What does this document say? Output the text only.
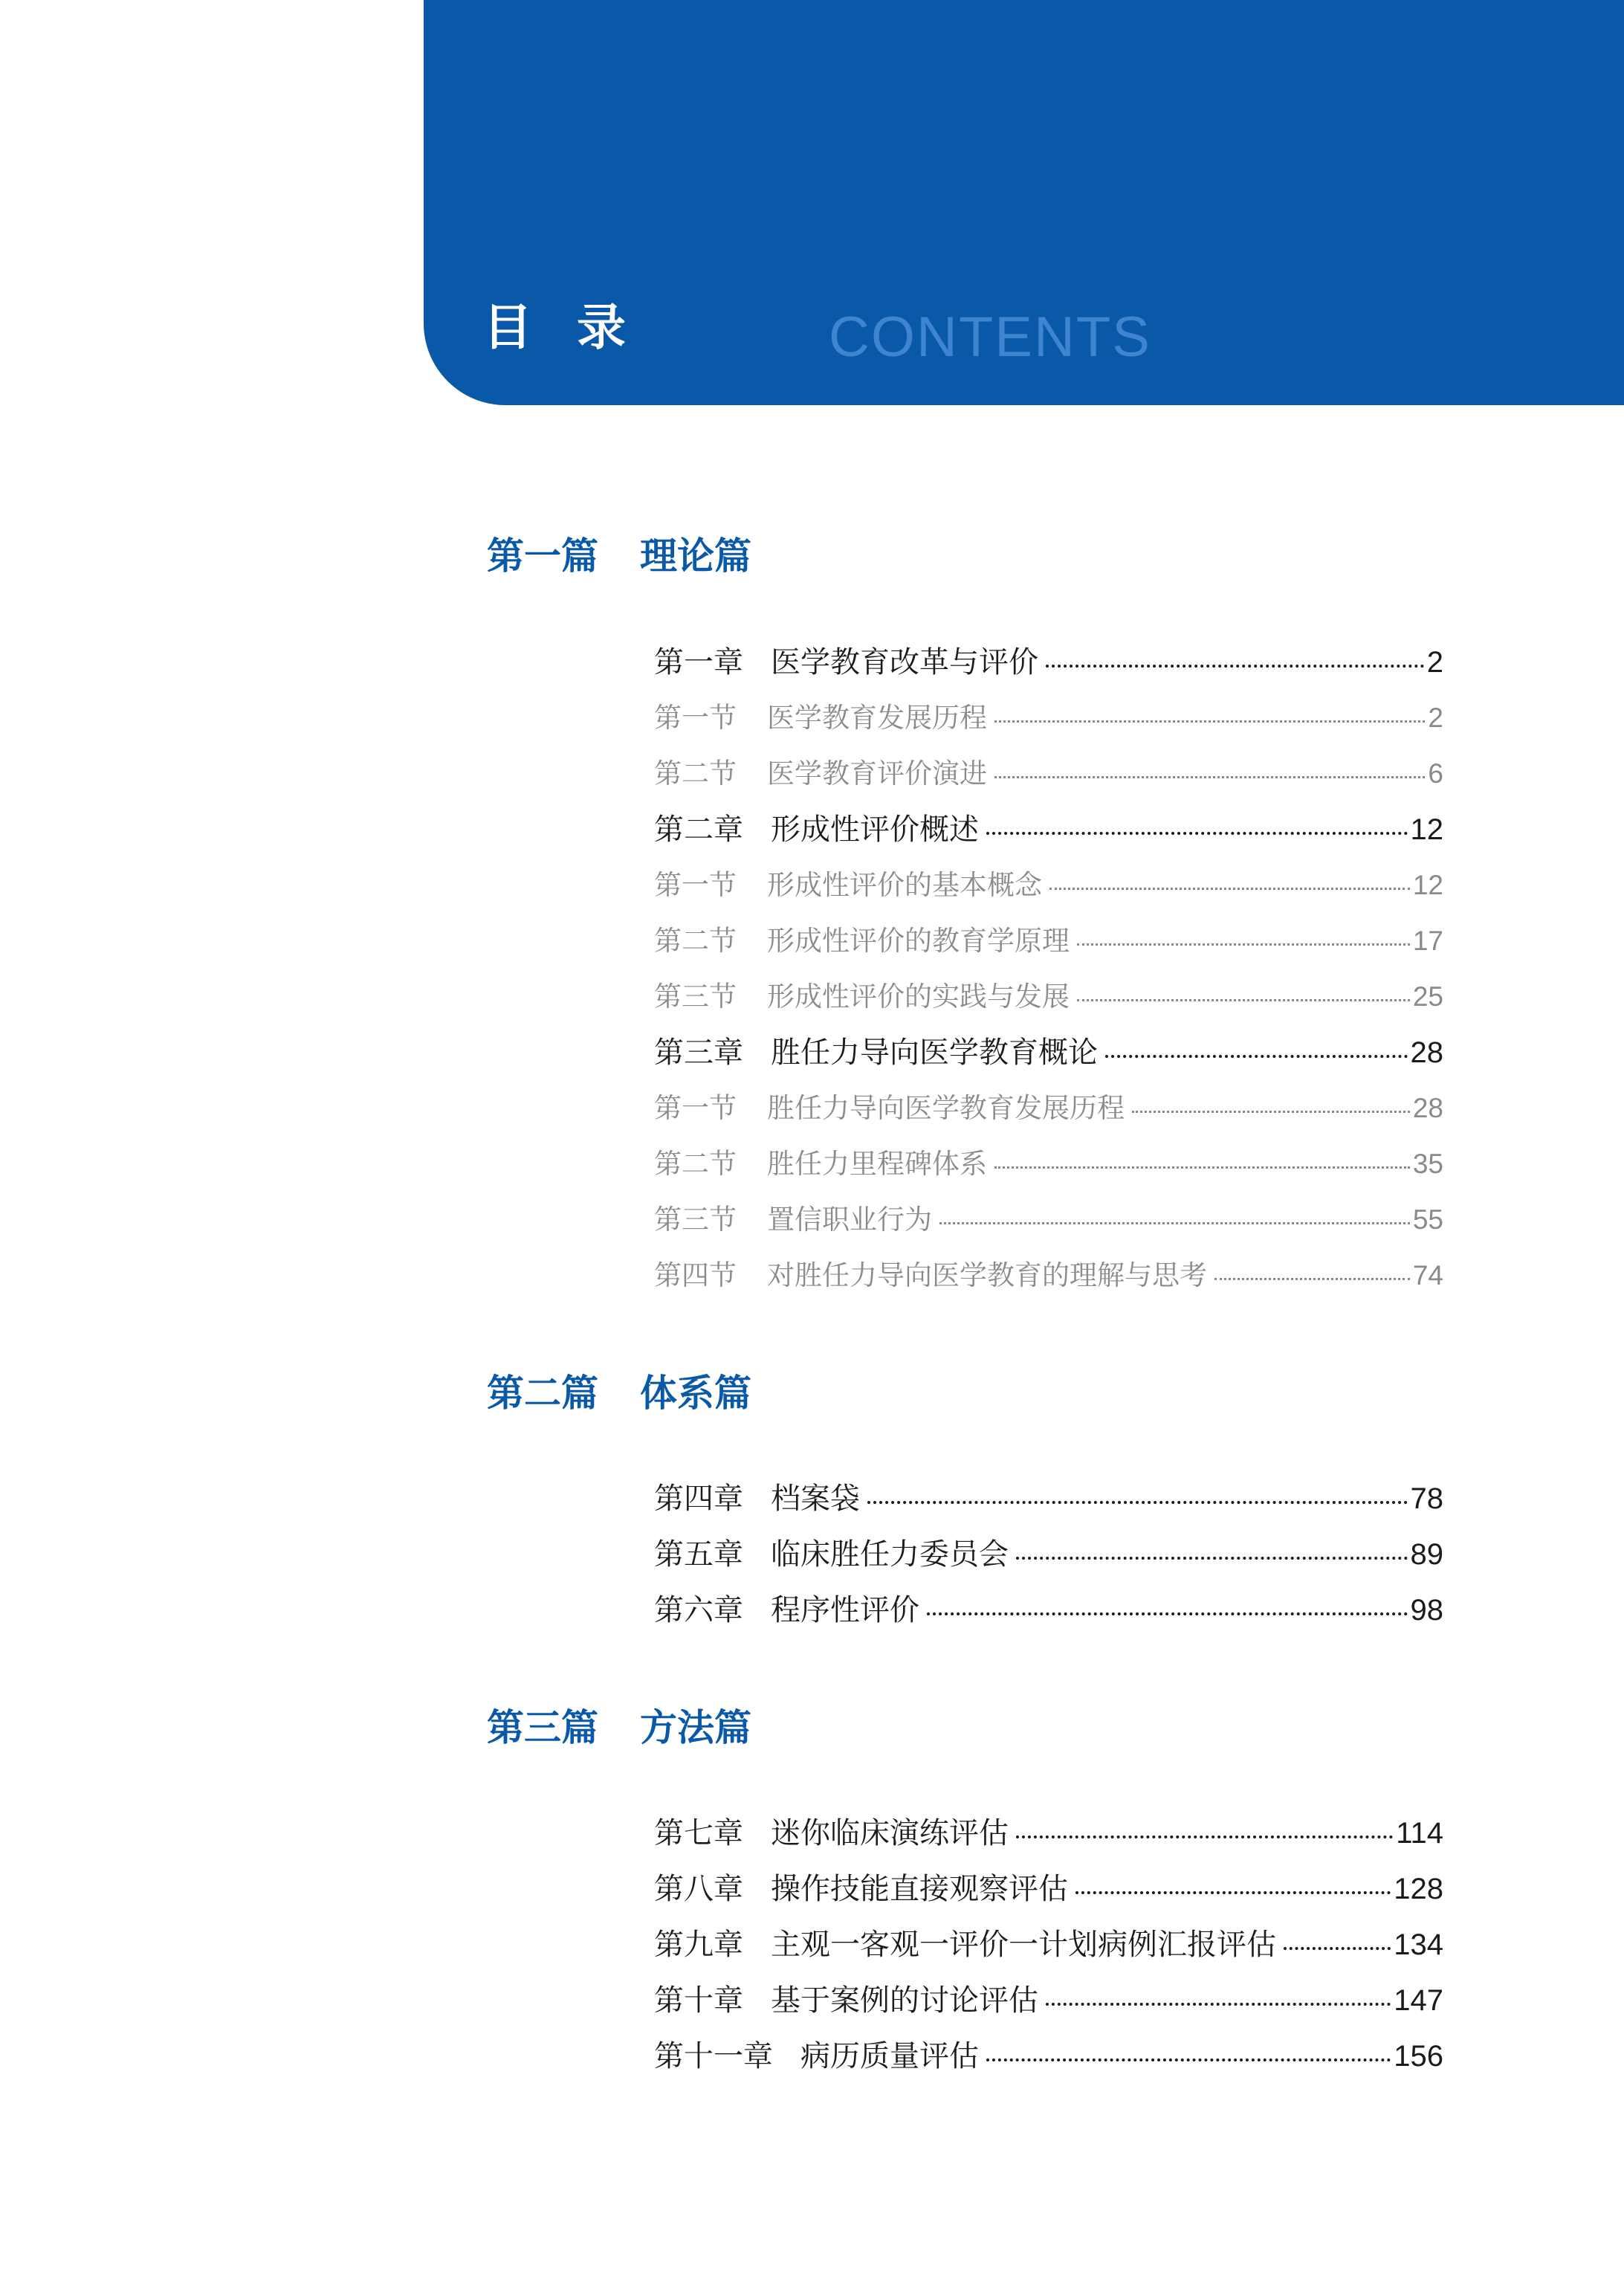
目录	CONTENTS
第一篇 理论篇
第一章 医学教育改革与评价	2
第一节	医学教育发展历程	2
第二节	医学教育评价演进	6
第二章 形成性评价概述	12
第一节	形成性评价的基本概念	12
第二节	形成性评价的教育学原理	17
第三节	形成性评价的实践与发展	25
第三章 胜任力导向医学教育概论	28
第一节	胜任力导向医学教育发展历程	28
第二节	胜任力里程碑体系	35
第三节	置信职业行为	55
第四节	对胜任力导向医学教育的理解与思考	74
第二篇 体系篇
第四章 档案袋	78
第五章 临床胜任力委员会	89
第六章 程序性评价	98
第三篇 方法篇
第七章 迷你临床演练评估	114
第八章 操作技能直接观察评估	128
第九章 主观一客观一评价一计划病例汇报评估	134
第十章 基于案例的讨论评估	147
第十一章 病历质量评估	156
